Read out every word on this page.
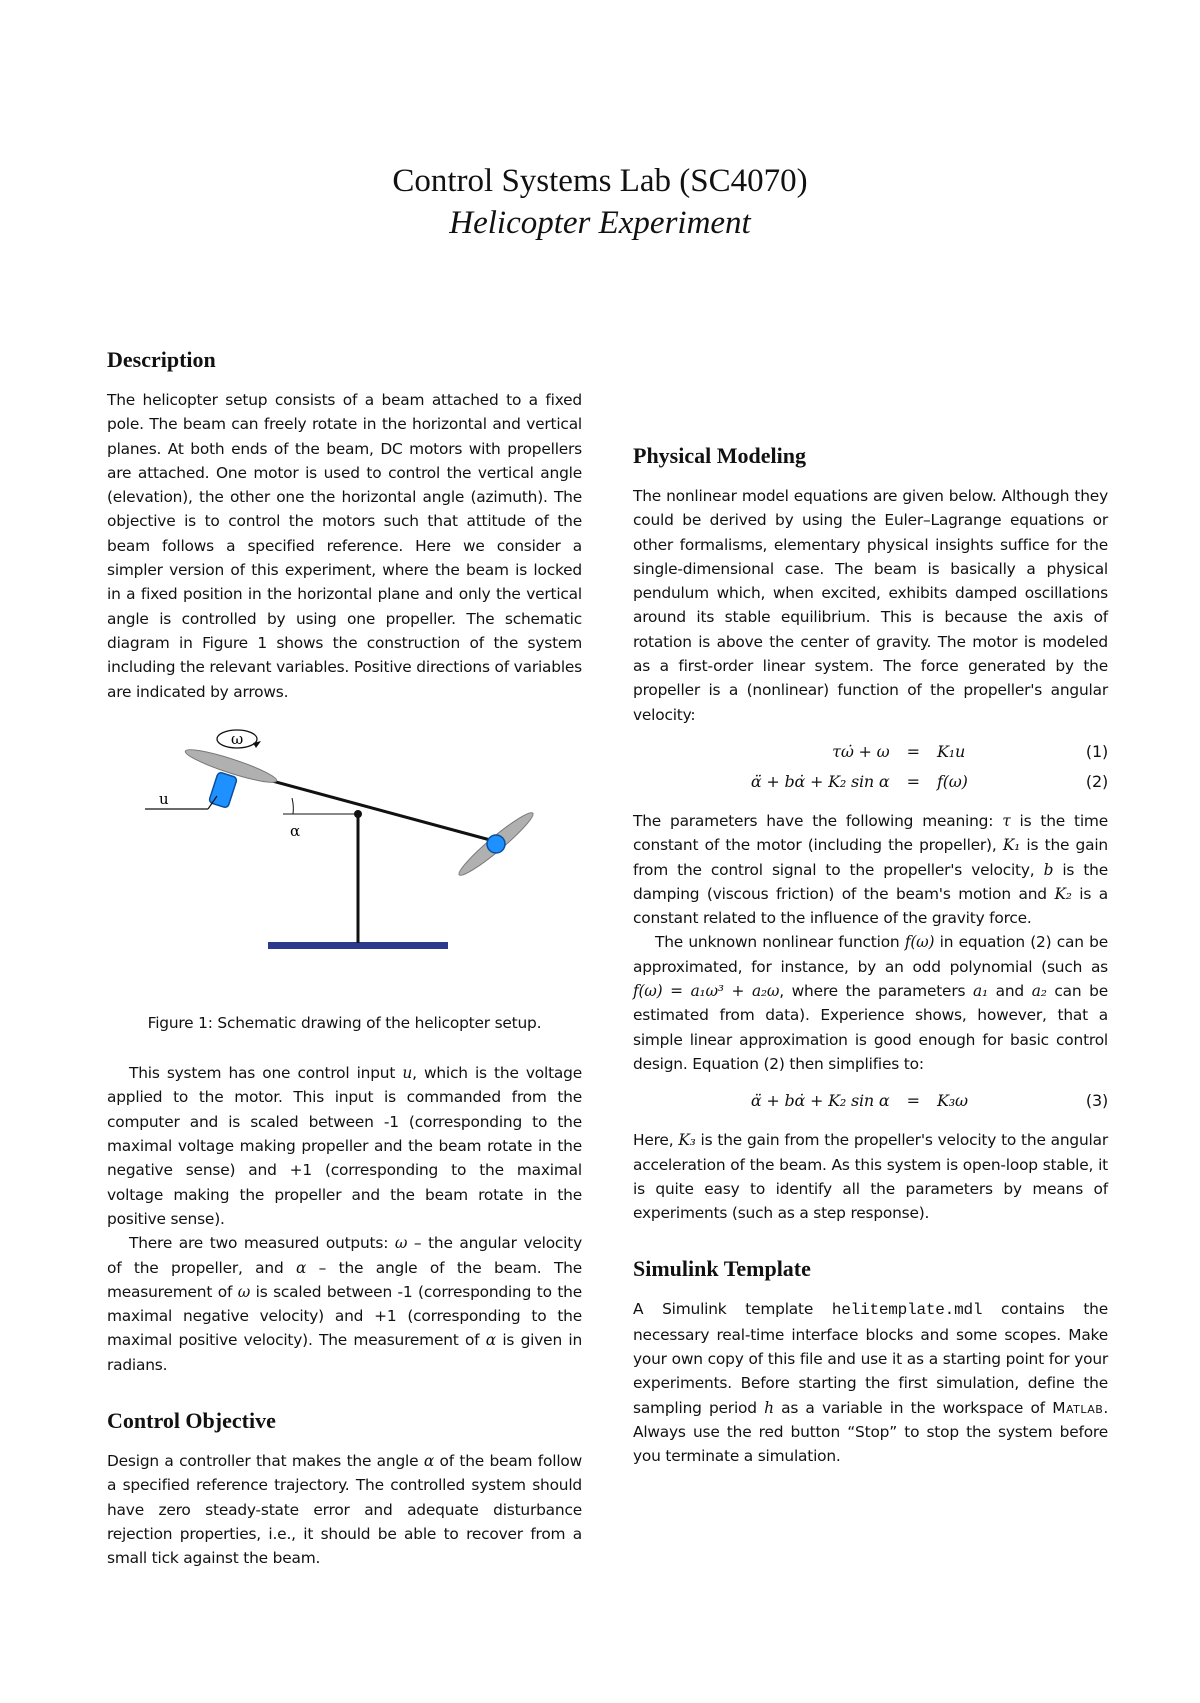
Control Systems Lab (SC4070)
Helicopter Experiment
Description

The helicopter setup consists of a beam attached to a fixed pole. The beam can freely rotate in the horizontal and vertical planes. At both ends of the beam, DC motors with propellers are attached. One motor is used to control the vertical angle (elevation), the other one the horizontal angle (azimuth). The objective is to control the motors such that attitude of the beam follows a specified reference. Here we consider a simpler version of this experiment, where the beam is locked in a fixed position in the horizontal plane and only the vertical angle is controlled by using one propeller. The schematic diagram in Figure 1 shows the construction of the system including the relevant variables. Positive directions of variables are indicated by arrows.

ω
u
α
Figure 1: Schematic drawing of the helicopter setup.

This system has one control input u, which is the voltage applied to the motor. This input is commanded from the computer and is scaled between -1 (corresponding to the maximal voltage making propeller and the beam rotate in the negative sense) and +1 (corresponding to the maximal voltage making the propeller and the beam rotate in the positive sense).

There are two measured outputs: ω – the angular velocity of the propeller, and α – the angle of the beam. The measurement of ω is scaled between -1 (corresponding to the maximal negative velocity) and +1 (corresponding to the maximal positive velocity). The measurement of α is given in radians.

Control Objective

Design a controller that makes the angle α of the beam follow a specified reference trajectory. The controlled system should have zero steady-state error and adequate disturbance rejection properties, i.e., it should be able to recover from a small tick against the beam.

Physical Modeling

The nonlinear model equations are given below. Although they could be derived by using the Euler–Lagrange equations or other formalisms, elementary physical insights suffice for the single-dimensional case. The beam is basically a physical pendulum which, when excited, exhibits damped oscillations around its stable equilibrium. This is because the axis of rotation is above the center of gravity. The motor is modeled as a first-order linear system. The force generated by the propeller is a (nonlinear) function of the propeller's angular velocity:

τω̇ + ω	=	K₁u	(1)
α̈ + bα̇ + K₂ sin α	=	f(ω)	(2)

The parameters have the following meaning: τ is the time constant of the motor (including the propeller), K₁ is the gain from the control signal to the propeller's velocity, b is the damping (viscous friction) of the beam's motion and K₂ is a constant related to the influence of the gravity force.

The unknown nonlinear function f(ω) in equation (2) can be approximated, for instance, by an odd polynomial (such as f(ω) = a₁ω³ + a₂ω, where the parameters a₁ and a₂ can be estimated from data). Experience shows, however, that a simple linear approximation is good enough for basic control design. Equation (2) then simplifies to:

α̈ + bα̇ + K₂ sin α	=	K₃ω	(3)

Here, K₃ is the gain from the propeller's velocity to the angular acceleration of the beam. As this system is open-loop stable, it is quite easy to identify all the parameters by means of experiments (such as a step response).

Simulink Template

A Simulink template helitemplate.mdl contains the necessary real-time interface blocks and some scopes. Make your own copy of this file and use it as a starting point for your experiments. Before starting the first simulation, define the sampling period h as a variable in the workspace of Matlab. Always use the red button “Stop” to stop the system before you terminate a simulation.
